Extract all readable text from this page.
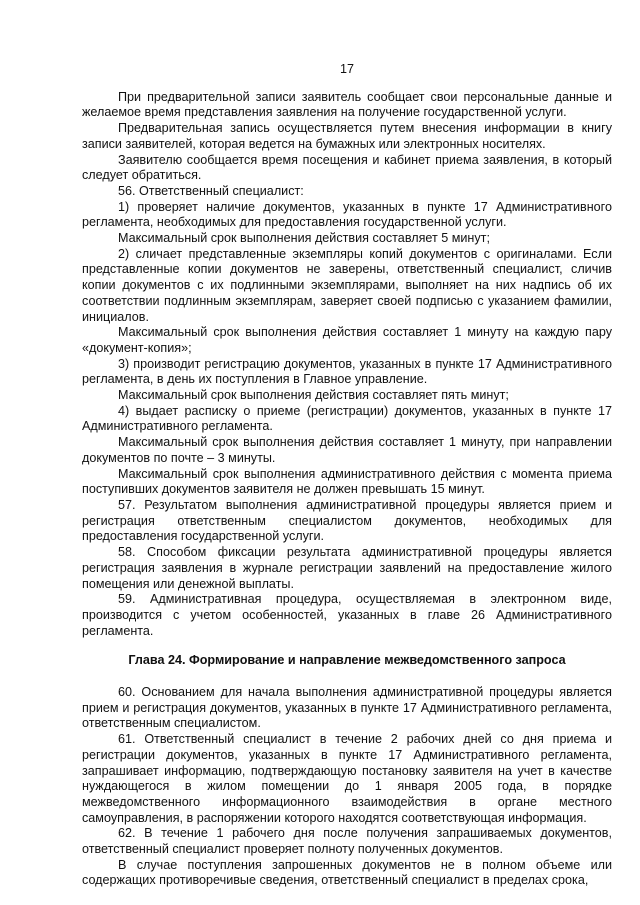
17

При предварительной записи заявитель сообщает свои персональные данные и желаемое время представления заявления на получение государственной услуги.

Предварительная запись осуществляется путем внесения информации в книгу записи заявителей, которая ведется на бумажных или электронных носителях.

Заявителю сообщается время посещения и кабинет приема заявления, в который следует обратиться.

56. Ответственный специалист:

1) проверяет наличие документов, указанных в пункте 17 Административного регламента, необходимых для предоставления государственной услуги.

Максимальный срок выполнения действия составляет 5 минут;

2) сличает представленные экземпляры копий документов с оригиналами. Если представленные копии документов не заверены, ответственный специалист, сличив копии документов с их подлинными экземплярами, выполняет на них надпись об их соответствии подлинным экземплярам, заверяет своей подписью с указанием фамилии, инициалов.

Максимальный срок выполнения действия составляет 1 минуту на каждую пару «документ-копия»;

3) производит регистрацию документов, указанных в пункте 17 Административного регламента, в день их поступления в Главное управление.

Максимальный срок выполнения действия составляет пять минут;

4) выдает расписку о приеме (регистрации) документов, указанных в пункте 17 Административного регламента.

Максимальный срок выполнения действия составляет 1 минуту, при направлении документов по почте – 3 минуты.

Максимальный срок выполнения административного действия с момента приема поступивших документов заявителя не должен превышать 15 минут.

57. Результатом выполнения административной процедуры является прием и регистрация ответственным специалистом документов, необходимых для предоставления государственной услуги.

58. Способом фиксации результата административной процедуры является регистрация заявления в журнале регистрации заявлений на предоставление жилого помещения или денежной выплаты.

59. Административная процедура, осуществляемая в электронном виде, производится с учетом особенностей, указанных в главе 26 Административного регламента.

Глава 24. Формирование и направление межведомственного запроса

60. Основанием для начала выполнения административной процедуры является прием и регистрация документов, указанных в пункте 17 Административного регламента, ответственным специалистом.

61. Ответственный специалист в течение 2 рабочих дней со дня приема и регистрации документов, указанных в пункте 17 Административного регламента, запрашивает информацию, подтверждающую постановку заявителя на учет в качестве нуждающегося в жилом помещении до 1 января 2005 года, в порядке межведомственного информационного взаимодействия в органе местного самоуправления, в распоряжении которого находятся соответствующая информация.

62. В течение 1 рабочего дня после получения запрашиваемых документов, ответственный специалист проверяет полноту полученных документов.

В случае поступления запрошенных документов не в полном объеме или содержащих противоречивые сведения, ответственный специалист в пределах срока,
